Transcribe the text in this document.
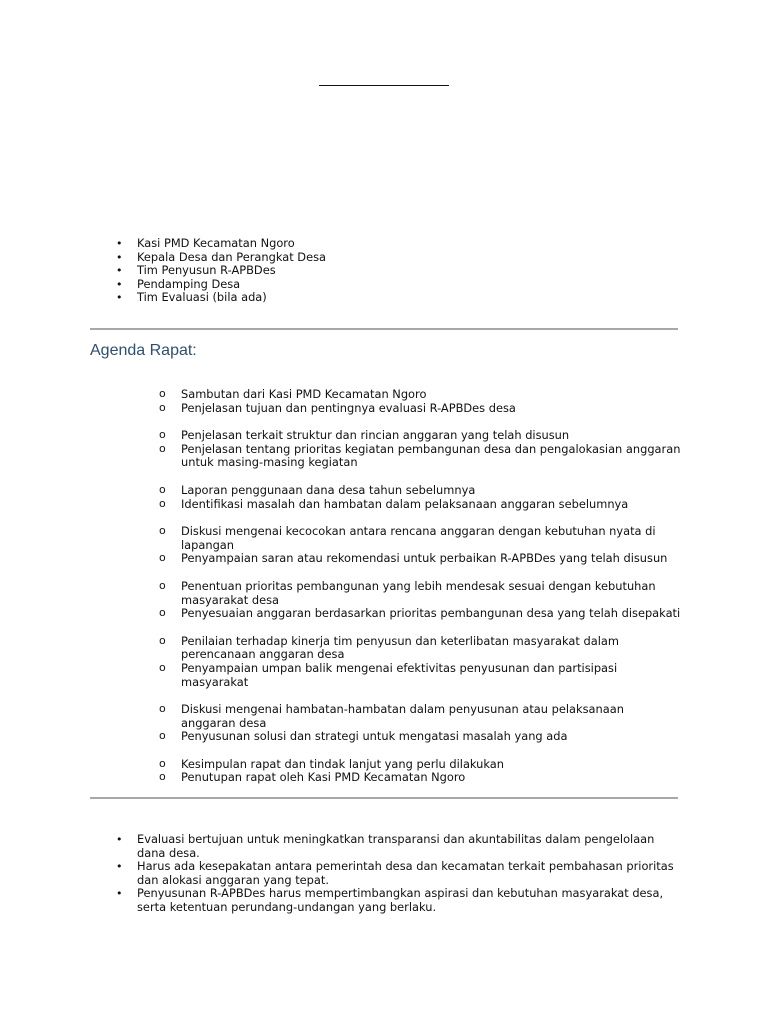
• Kasi PMD Kecamatan Ngoro
• Kepala Desa dan Perangkat Desa
• Tim Penyusun R-APBDes
• Pendamping Desa
• Tim Evaluasi (bila ada)
Agenda Rapat:
o Sambutan dari Kasi PMD Kecamatan Ngoro
o Penjelasan tujuan dan pentingnya evaluasi R-APBDes desa
o Penjelasan terkait struktur dan rincian anggaran yang telah disusun
o Penjelasan tentang prioritas kegiatan pembangunan desa dan pengalokasian anggaran untuk masing-masing kegiatan
o Laporan penggunaan dana desa tahun sebelumnya
o Identifikasi masalah dan hambatan dalam pelaksanaan anggaran sebelumnya
o Diskusi mengenai kecocokan antara rencana anggaran dengan kebutuhan nyata di lapangan
o Penyampaian saran atau rekomendasi untuk perbaikan R-APBDes yang telah disusun
o Penentuan prioritas pembangunan yang lebih mendesak sesuai dengan kebutuhan masyarakat desa
o Penyesuaian anggaran berdasarkan prioritas pembangunan desa yang telah disepakati
o Penilaian terhadap kinerja tim penyusun dan keterlibatan masyarakat dalam perencanaan anggaran desa
o Penyampaian umpan balik mengenai efektivitas penyusunan dan partisipasi masyarakat
o Diskusi mengenai hambatan-hambatan dalam penyusunan atau pelaksanaan anggaran desa
o Penyusunan solusi dan strategi untuk mengatasi masalah yang ada
o Kesimpulan rapat dan tindak lanjut yang perlu dilakukan
o Penutupan rapat oleh Kasi PMD Kecamatan Ngoro
• Evaluasi bertujuan untuk meningkatkan transparansi dan akuntabilitas dalam pengelolaan dana desa.
• Harus ada kesepakatan antara pemerintah desa dan kecamatan terkait pembahasan prioritas dan alokasi anggaran yang tepat.
• Penyusunan R-APBDes harus mempertimbangkan aspirasi dan kebutuhan masyarakat desa, serta ketentuan perundang-undangan yang berlaku.
